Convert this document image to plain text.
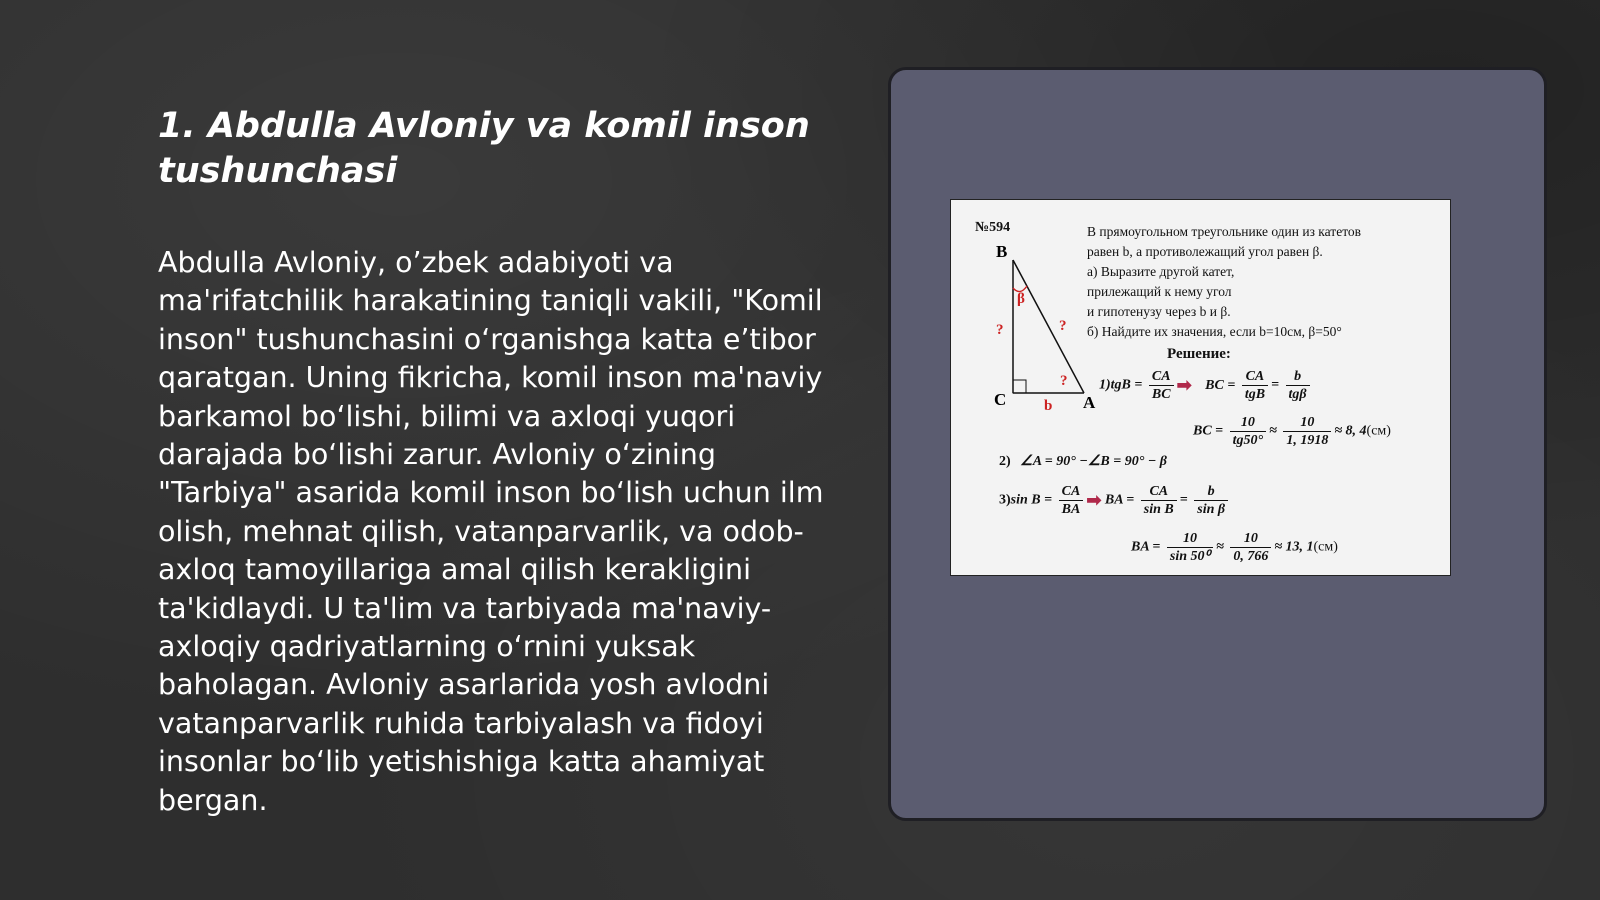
1. Abdulla Avloniy va komil inson tushunchasi

Abdulla Avloniy, o’zbek adabiyoti va ma'rifatchilik harakatining taniqli vakili, "Komil inson" tushunchasini o‘rganishga katta e’tibor qaratgan. Uning fikricha, komil inson ma'naviy barkamol bo‘lishi, bilimi va axloqi yuqori darajada bo‘lishi zarur. Avloniy o‘zining "Tarbiya" asarida komil inson bo‘lish uchun ilm olish, mehnat qilish, vatanparvarlik, va odob-axloq tamoyillariga amal qilish kerakligini ta'kidlaydi. U ta'lim va tarbiyada ma'naviy-axloqiy qadriyatlarning o‘rnini yuksak baholagan. Avloniy asarlarida yosh avlodni vatanparvarlik ruhida tarbiyalash va fidoyi insonlar bo‘lib yetishishiga katta ahamiyat bergan.

№594	В прямоугольном треугольнике один из катетов
равен b, а противолежащий угол равен β.
а) Выразите другой катет,
прилежащий к нему угол
и гипотенузу через b и β.
б) Найдите их значения, если b=10см, β=50°
B
C	A
b
β
?	?
?
Решение:
$1)tgB = \frac{CA}{BC}$ ➡ BC = $\frac{CA}{\text{tgB}} = \frac{b}{\text{tgβ}}$
BC = $\frac{10}{tg50^\circ} \approx \frac{10}{1, 1918} \approx 8$, 4(см)
2) ∠A = 90° −∠B = 90° − β
3)sin $B = \frac{CA}{BA}$ ➡ BA = $\frac{CA}{\text{sin B}} = \frac{b}{\text{sin β}}$
BA = $\frac{10}{\text{sin 50⁰}} \approx \frac{10}{0, 766} \approx 13$, 1(см)
